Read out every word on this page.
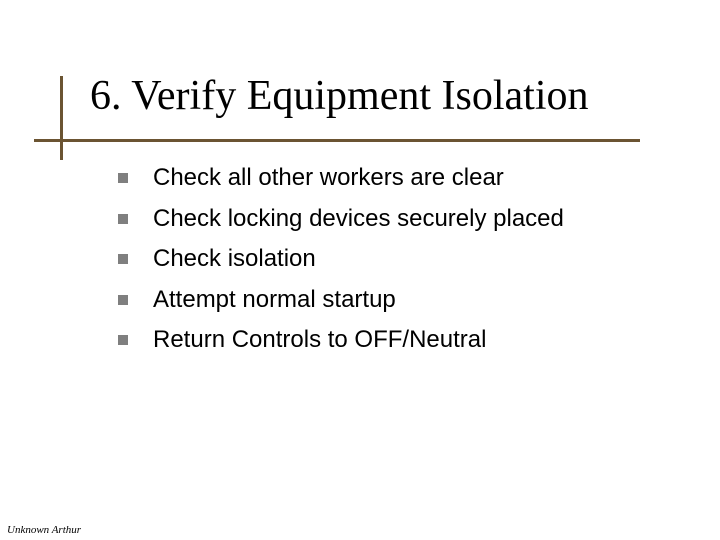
6. Verify Equipment Isolation
Check all other workers are clear
Check locking devices securely placed
Check isolation
Attempt normal startup
Return Controls to OFF/Neutral
Unknown Arthur
